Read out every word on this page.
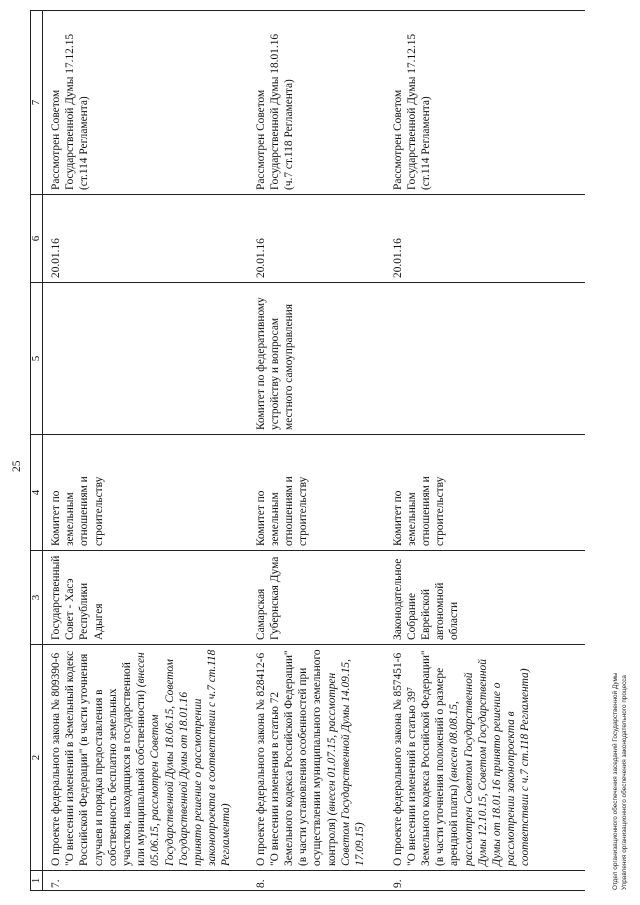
25
1	2	3	4	5	6	7
7.	О проекте федерального закона № 809390-6 "О внесении изменений в Земельный кодекс Российской Федерации" (в части уточнения случаев и порядка предоставления в собственность бесплатно земельных участков, находящихся в государственной или муниципальной собственности) (внесен 05.06.15, рассмотрен Советом Государственной Думы 18.06.15, Советом Государственной Думы от 18.01.16 принято решение о рассмотрении законопроекта в соответствии с ч.7 ст.118 Регламента)	Государственный Совет - Хасэ Республики Адыгея	Комитет по земельным отношениям и строительству		20.01.16	Рассмотрен Советом Государственной Думы 17.12.15 (ст.114 Регламента)
8.	О проекте федерального закона № 828412-6 "О внесении изменения в статью 72 Земельного кодекса Российской Федерации" (в части установления особенностей при осуществлении муниципального земельного контроля) (внесен 01.07.15, рассмотрен Советом Государственной Думы 14.09.15, 17.09.15)	Самарская Губернская Дума	Комитет по земельным отношениям и строительству	Комитет по федеративному устройству и вопросам местного самоуправления	20.01.16	Рассмотрен Советом Государственной Думы 18.01.16 (ч.7 ст.118 Регламента)
9.	О проекте федерального закона № 857451-6 "О внесении изменений в статью 39⁷ Земельного кодекса Российской Федерации" (в части уточнения положений о размере арендной платы) (внесен 08.08.15, рассмотрен Советом Государственной Думы 12.10.15, Советом Государственной Думы от 18.01.16 принято решение о рассмотрении законопроекта в соответствии с ч.7 ст.118 Регламента)	Законодательное Собрание Еврейской автономной области	Комитет по земельным отношениям и строительству		20.01.16	Рассмотрен Советом Государственной Думы 17.12.15 (ст.114 Регламента)
Отдел организационного обеспечения заседаний Государственной Думы Управления организационного обеспечения законодательного процесса
